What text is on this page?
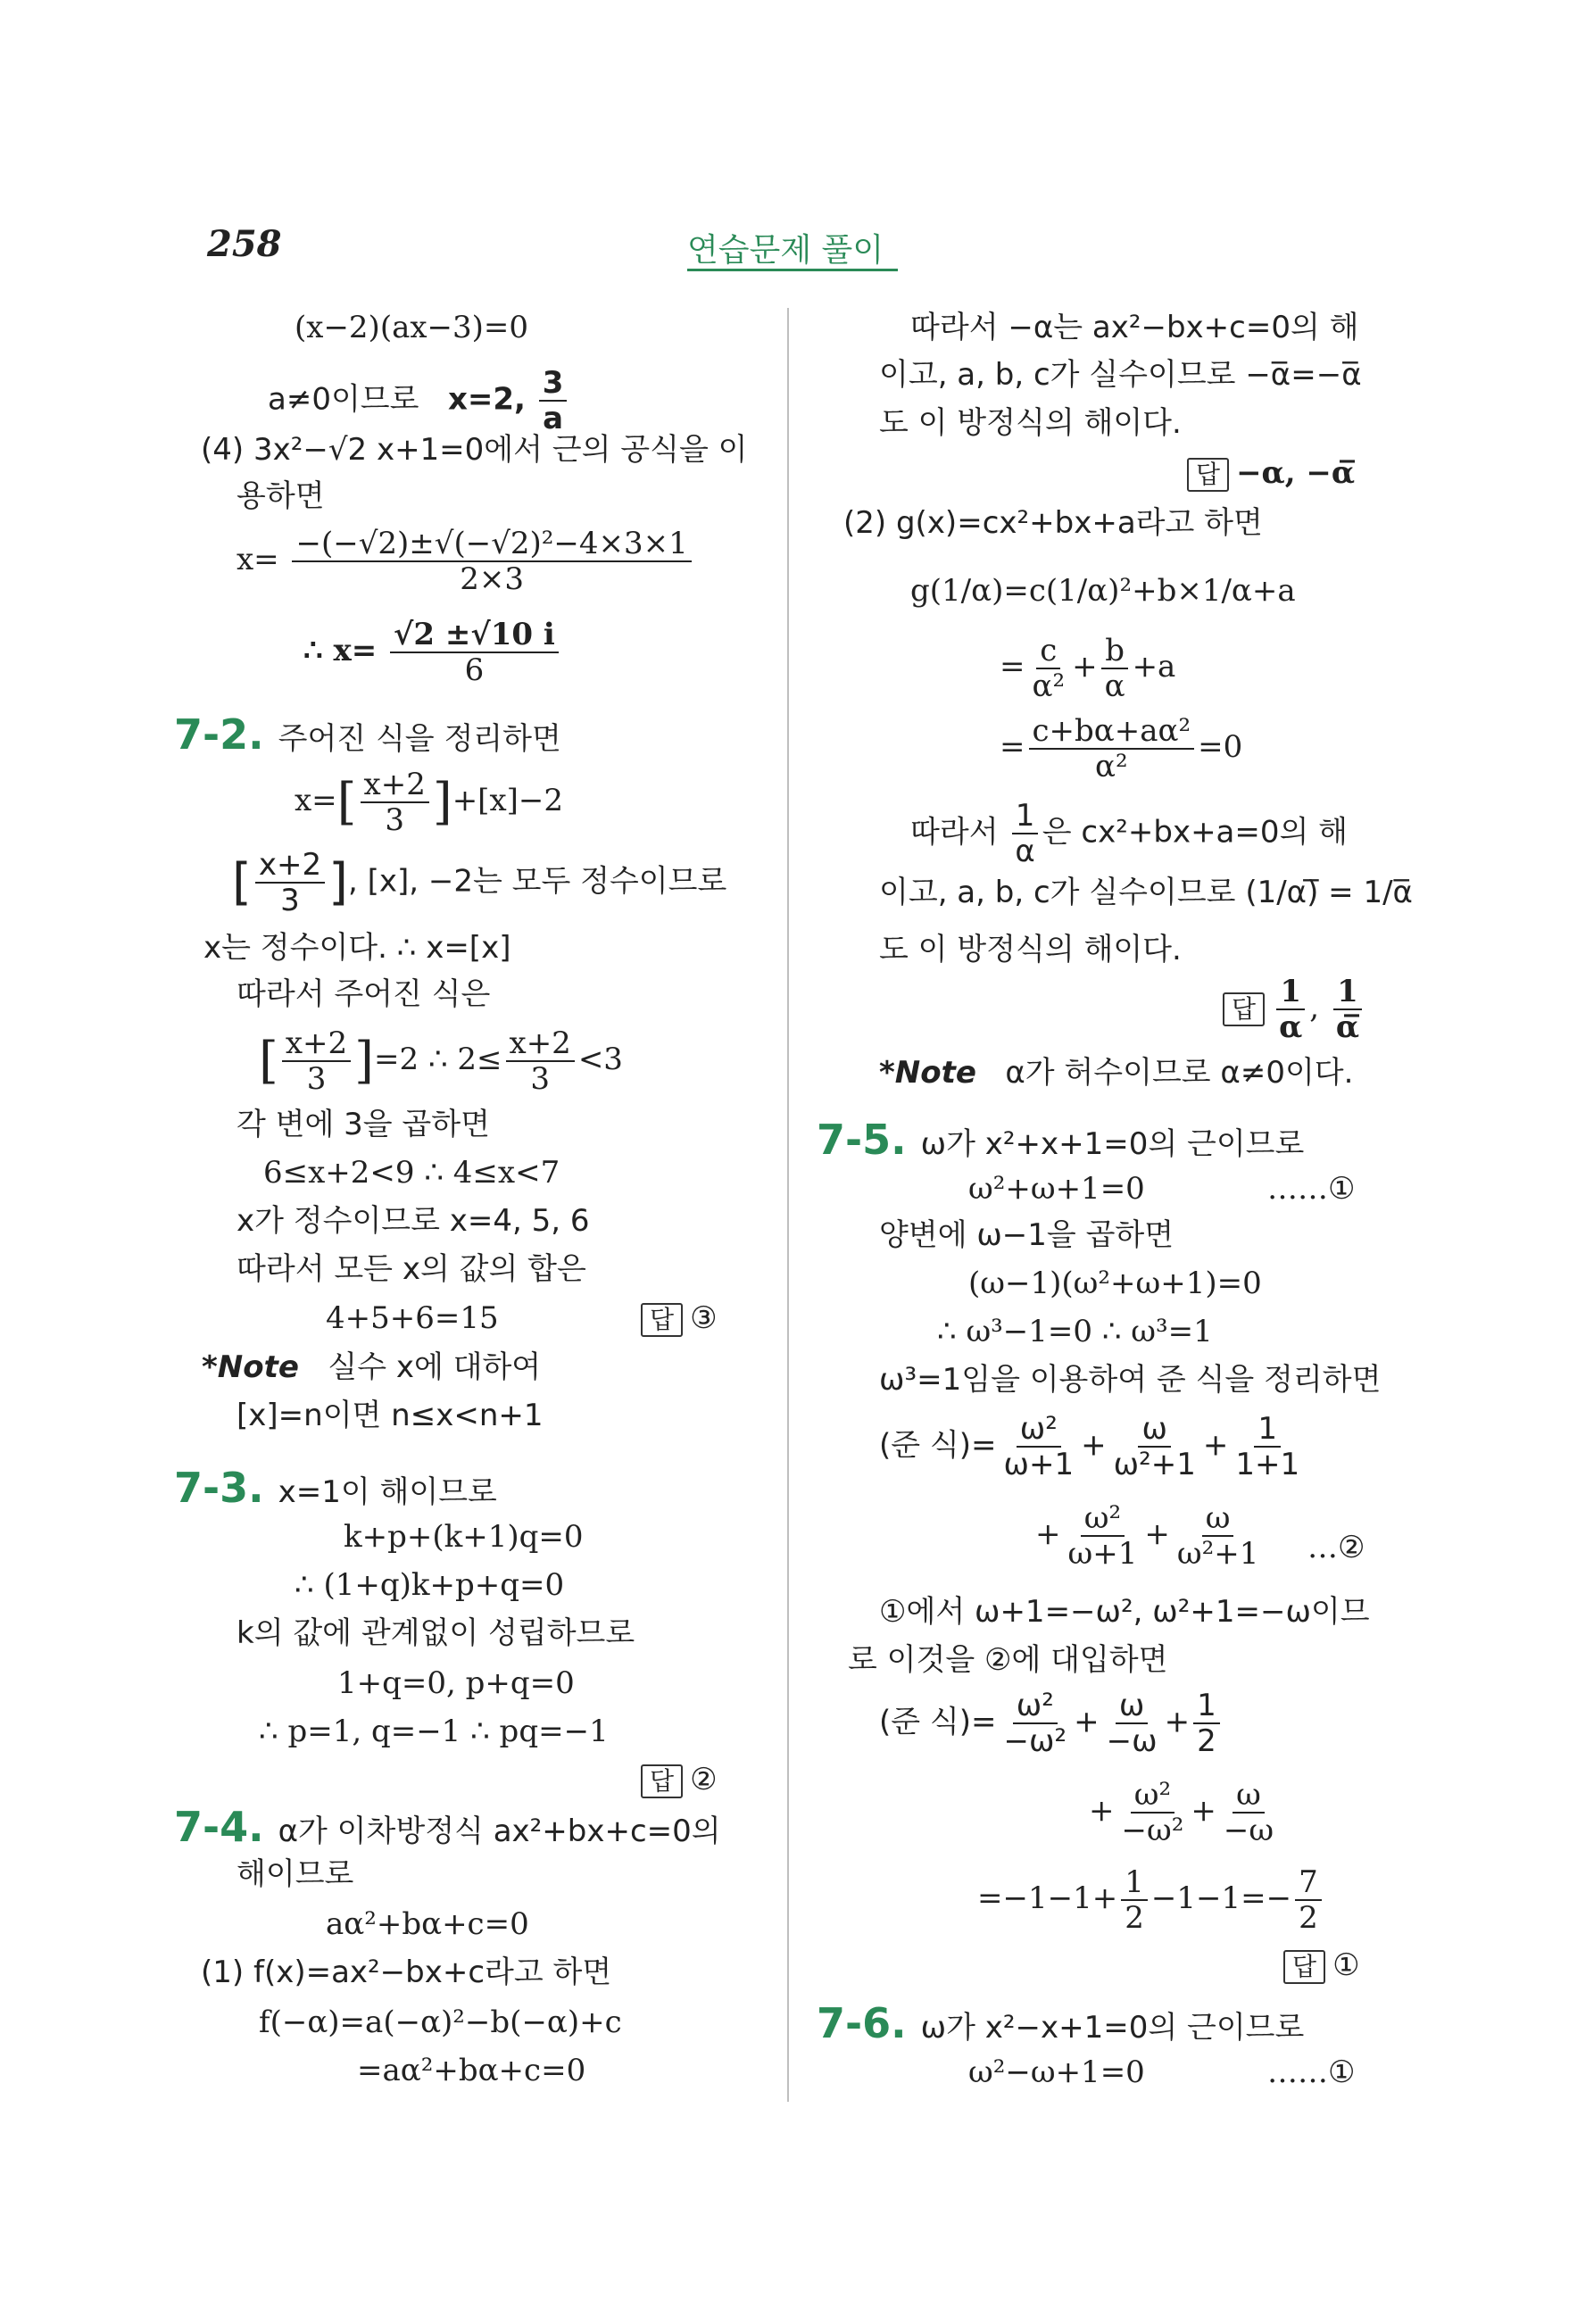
258	연습문제 풀이
(x−2)(ax−3)=0
a≠0이므로 x=2, $\frac{3}{a}$
(4) 3x²−√2 x+1=0에서 근의 공식을 이
용하면
$x= \frac{\text{−(−√2)±√(−√2)²−4×3×1}}{2\times 3}$
∴ $x= \frac{√2 \pm√10 i}{6}$
7-2. 주어진 식을 정리하면
$x=[ \frac{x+2}{3} ]+[x]-2$
[ $\frac{x+2}{3}$ ], [x], −2는 모두 정수이므로
x는 정수이다. ∴ x=[x]
따라서 주어진 식은
[ $\frac{x+2}{3} ]=2$ ∴ $2\le \frac{x+2}{3} <3$
각 변에 3을 곱하면
6≤x+2<9 ∴ 4≤x<7
x가 정수이므로 x=4, 5, 6
따라서 모든 x의 값의 합은
4+5+6=15	답 ③
*Note 실수 x에 대하여
[x]=n이면 n≤x<n+1
7-3. x=1이 해이므로
k+p+(k+1)q=0
∴ (1+q)k+p+q=0
k의 값에 관계없이 성립하므로
1+q=0, p+q=0
∴ p=1, q=−1 ∴ pq=−1
답 ②
7-4. α가 이차방정식 ax²+bx+c=0의
해이므로
aα²+bα+c=0
(1) f(x)=ax²−bx+c라고 하면
f(−α)=a(−α)²−b(−α)+c
=aα²+bα+c=0
따라서 −α는 ax²−bx+c=0의 해
이고, a, b, c가 실수이므로 −α̅=−α̅
도 이 방정식의 해이다.
답 −α, −α̅
(2) g(x)=cx²+bx+a라고 하면
g(1/α)=c(1/α)²+b×1/α+a
= $\frac{c}{\text{α²}} + \frac{b}{\alpha} +a$
= $\frac{\text{c+bα+aα²}}{\text{α²}} =0$
따라서 $\frac{1}{\alpha}$ 은 cx²+bx+a=0의 해
이고, a, b, c가 실수이므로 (1/α)̅ = 1/α̅
도 이 방정식의 해이다.
답 $\frac{1}{\alpha}$ , $\frac{1}{\alpha̅}$
*Note α가 허수이므로 α≠0이다.
7-5. ω가 x²+x+1=0의 근이므로
ω²+ω+1=0	……①
양변에 ω−1을 곱하면
(ω−1)(ω²+ω+1)=0
∴ ω³−1=0 ∴ ω³=1
ω³=1임을 이용하여 준 식을 정리하면
(준 식)= $\frac{\text{ω²}}{\omega+1} + \frac{\omega}{\text{ω²+1}} + \frac{1}{1+1}$
+ $\frac{\text{ω²}}{\omega+1} + \frac{\omega}{\text{ω²+1}}$ …②
①에서 ω+1=−ω², ω²+1=−ω이므
로 이것을 ②에 대입하면
(준 식)= $\frac{\text{ω²}}{\text{−ω²}} + \frac{\omega}{-\omega} + \frac{1}{2}$
+ $\frac{\text{ω²}}{\text{−ω²}} + \frac{\omega}{-\omega}$
$=-1-1+ \frac{1}{2} -1-1=- \frac{7}{2}$
답 ①
7-6. ω가 x²−x+1=0의 근이므로
ω²−ω+1=0	……①
